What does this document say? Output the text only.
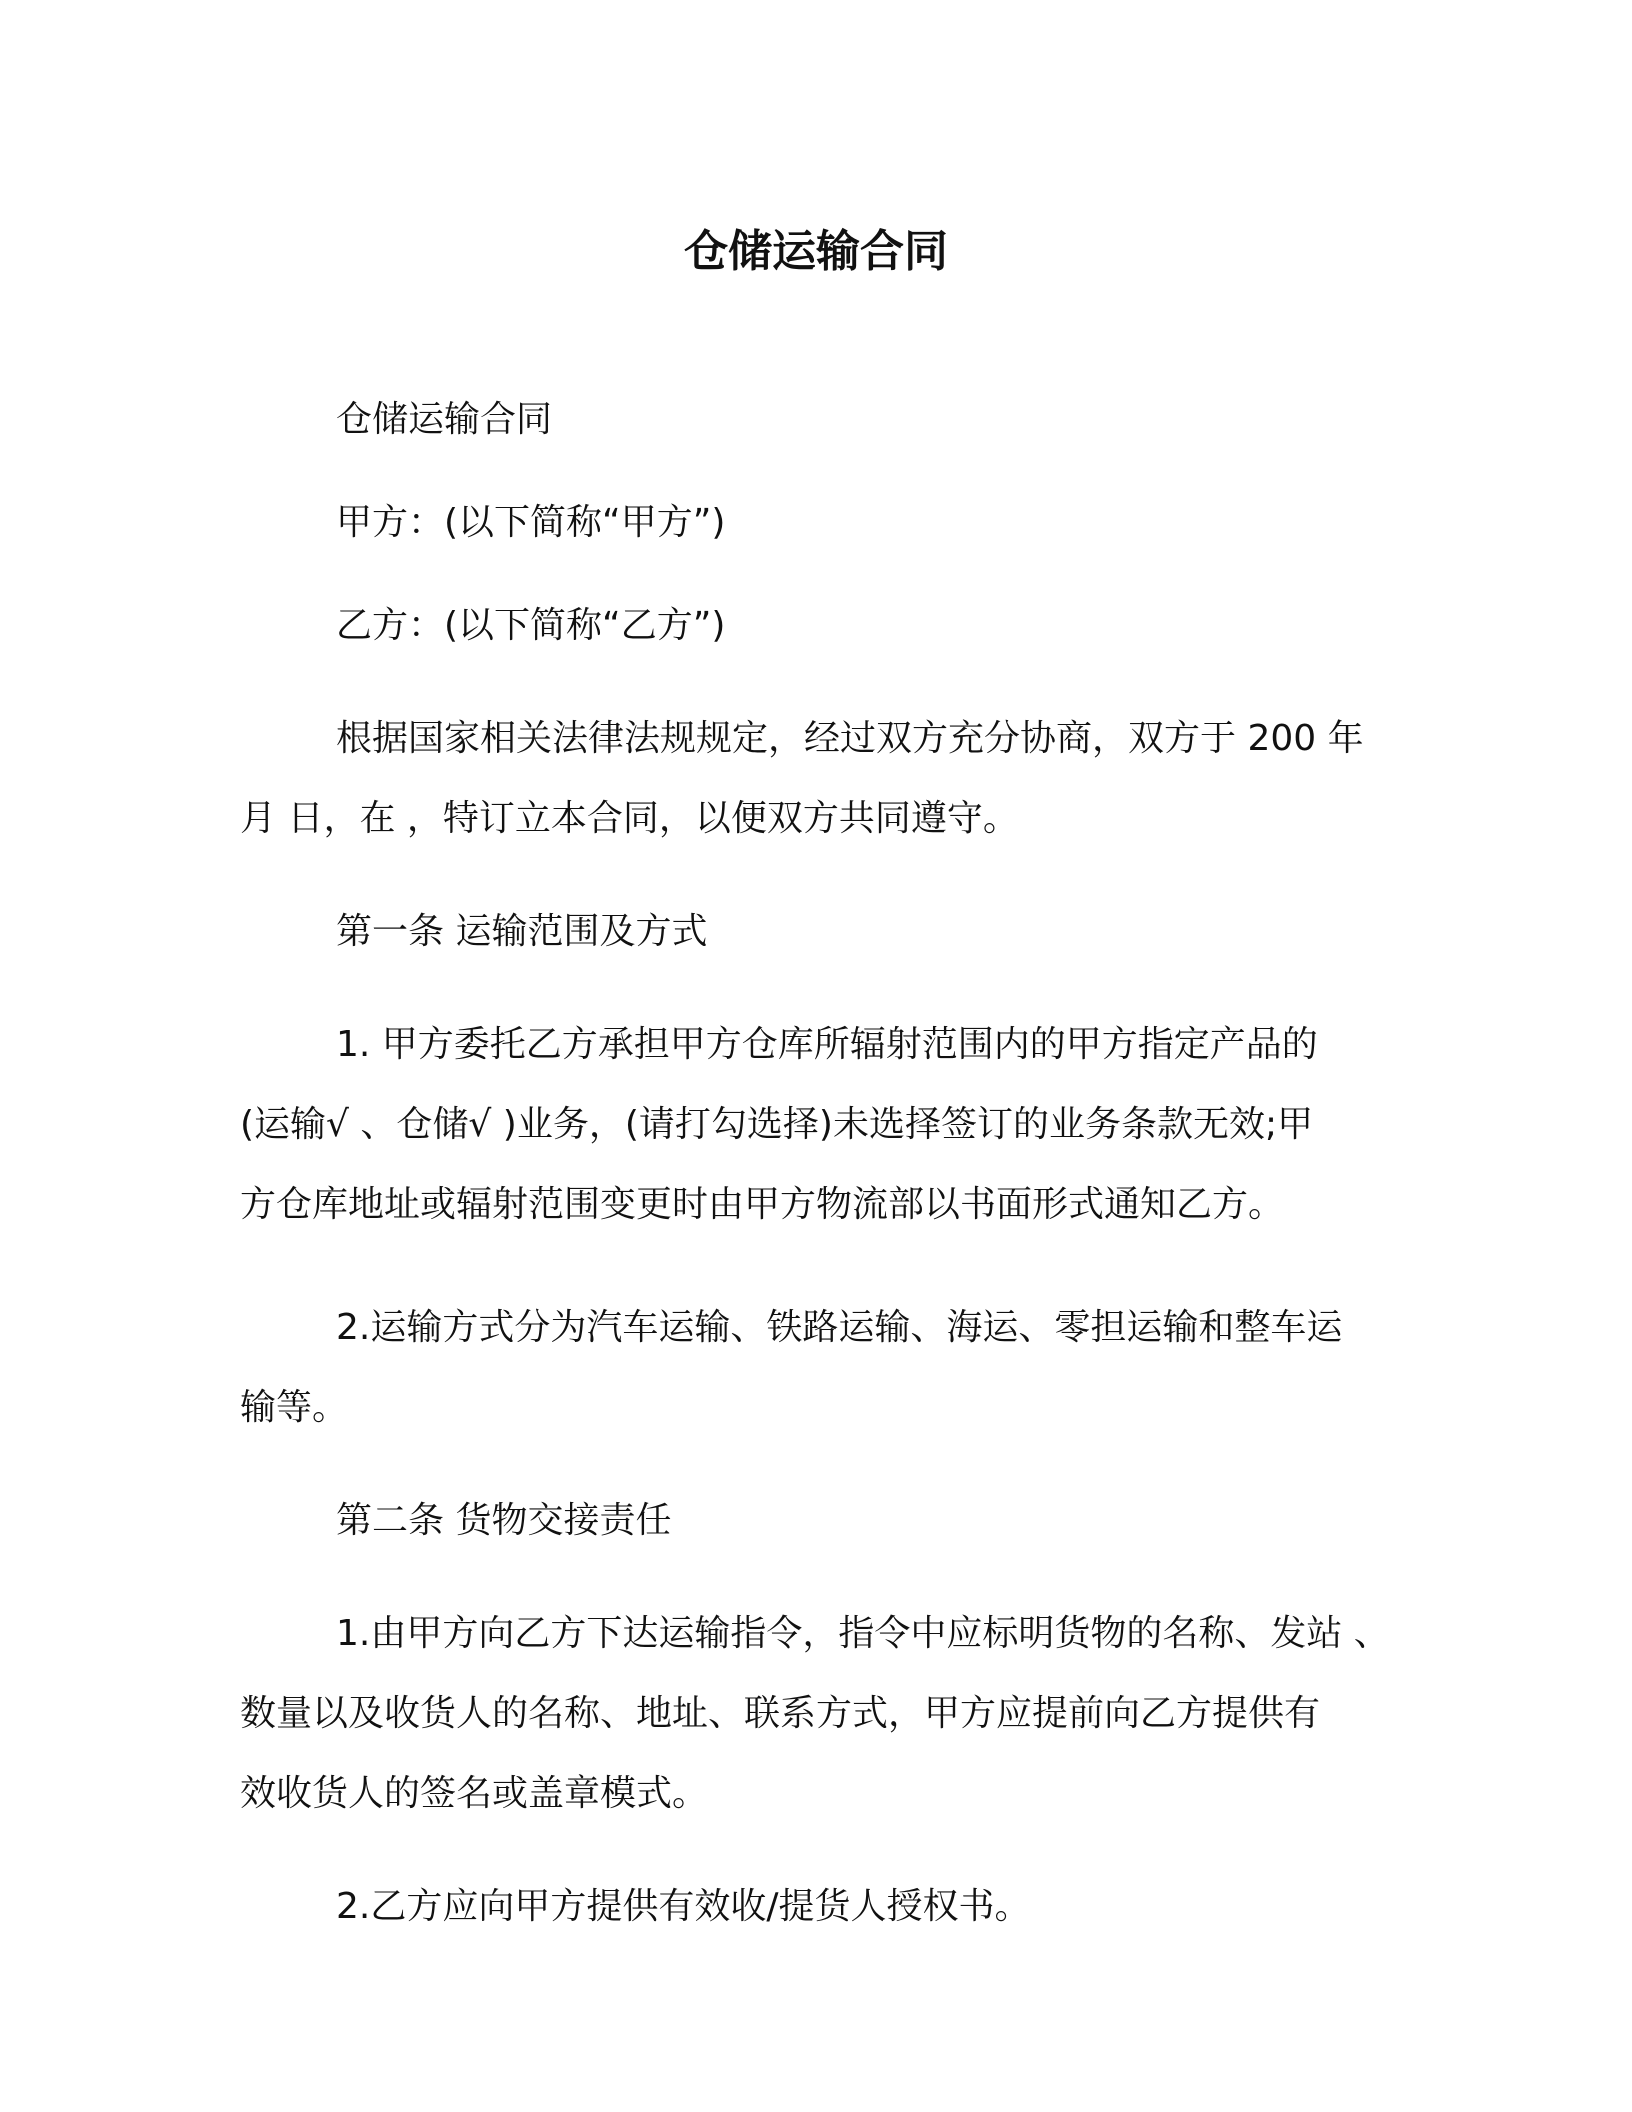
仓储运输合同

仓储运输合同

甲方：(以下简称“甲方”)

乙方：(以下简称“乙方”)

根据国家相关法律法规规定，经过双方充分协商，双方于 200 年
月 日，在 ，特订立本合同，以便双方共同遵守。

第一条 运输范围及方式

1. 甲方委托乙方承担甲方仓库所辐射范围内的甲方指定产品的
(运输√ 、仓储√ )业务，(请打勾选择)未选择签订的业务条款无效;甲
方仓库地址或辐射范围变更时由甲方物流部以书面形式通知乙方。

2.运输方式分为汽车运输、铁路运输、海运、零担运输和整车运
输等。

第二条 货物交接责任

1.由甲方向乙方下达运输指令，指令中应标明货物的名称、发站 、
数量以及收货人的名称、地址、联系方式，甲方应提前向乙方提供有
效收货人的签名或盖章模式。

2.乙方应向甲方提供有效收/提货人授权书。
